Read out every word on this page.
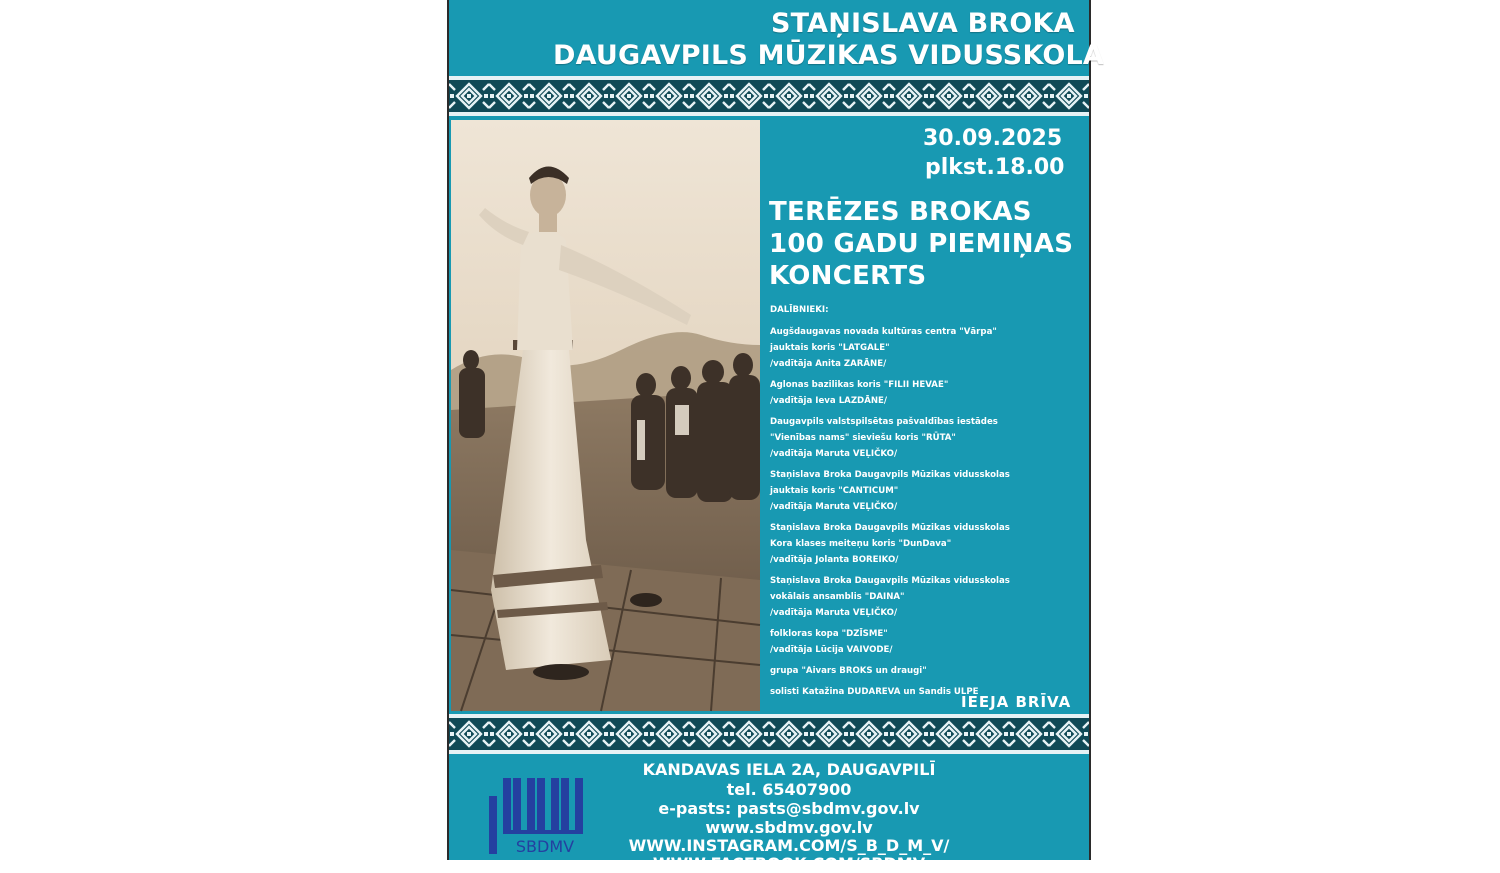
STAŅISLAVA BROKA
DAUGAVPILS MŪZIKAS VIDUSSKOLA
30.09.2025
plkst.18.00
TERĒZES BROKAS
100 GADU PIEMIŅAS
KONCERTS
DALĪBNIEKI:
Augšdaugavas novada kultūras centra "Vārpa"
jauktais koris "LATGALE"
/vadītāja Anita ZARĀNE/
Aglonas bazilikas koris "FILII HEVAE"
/vadītāja Ieva LAZDĀNE/
Daugavpils valstspilsētas pašvaldības iestādes
"Vienības nams" sieviešu koris "RŪTA"
/vadītāja Maruta VEĻIČKO/
Staņislava Broka Daugavpils Mūzikas vidusskolas
jauktais koris "CANTICUM"
/vadītāja Maruta VEĻIČKO/
Staņislava Broka Daugavpils Mūzikas vidusskolas
Kora klases meiteņu koris "DunDava"
/vadītāja Jolanta BOREIKO/
Staņislava Broka Daugavpils Mūzikas vidusskolas
vokālais ansamblis "DAINA"
/vadītāja Maruta VEĻIČKO/
folkloras kopa "DZĪSME"
/vadītāja Lūcija VAIVODE/
grupa "Aivars BROKS un draugi"
solisti Katažina DUDAREVA un Sandis ULPE
IEEJA BRĪVA
SBDMV
KANDAVAS IELA 2A, DAUGAVPILĪ
tel. 65407900
e-pasts: pasts@sbdmv.gov.lv
www.sbdmv.gov.lv
WWW.INSTAGRAM.COM/S_B_D_M_V/
WWW.FACEBOOK.COM/SBDMV
